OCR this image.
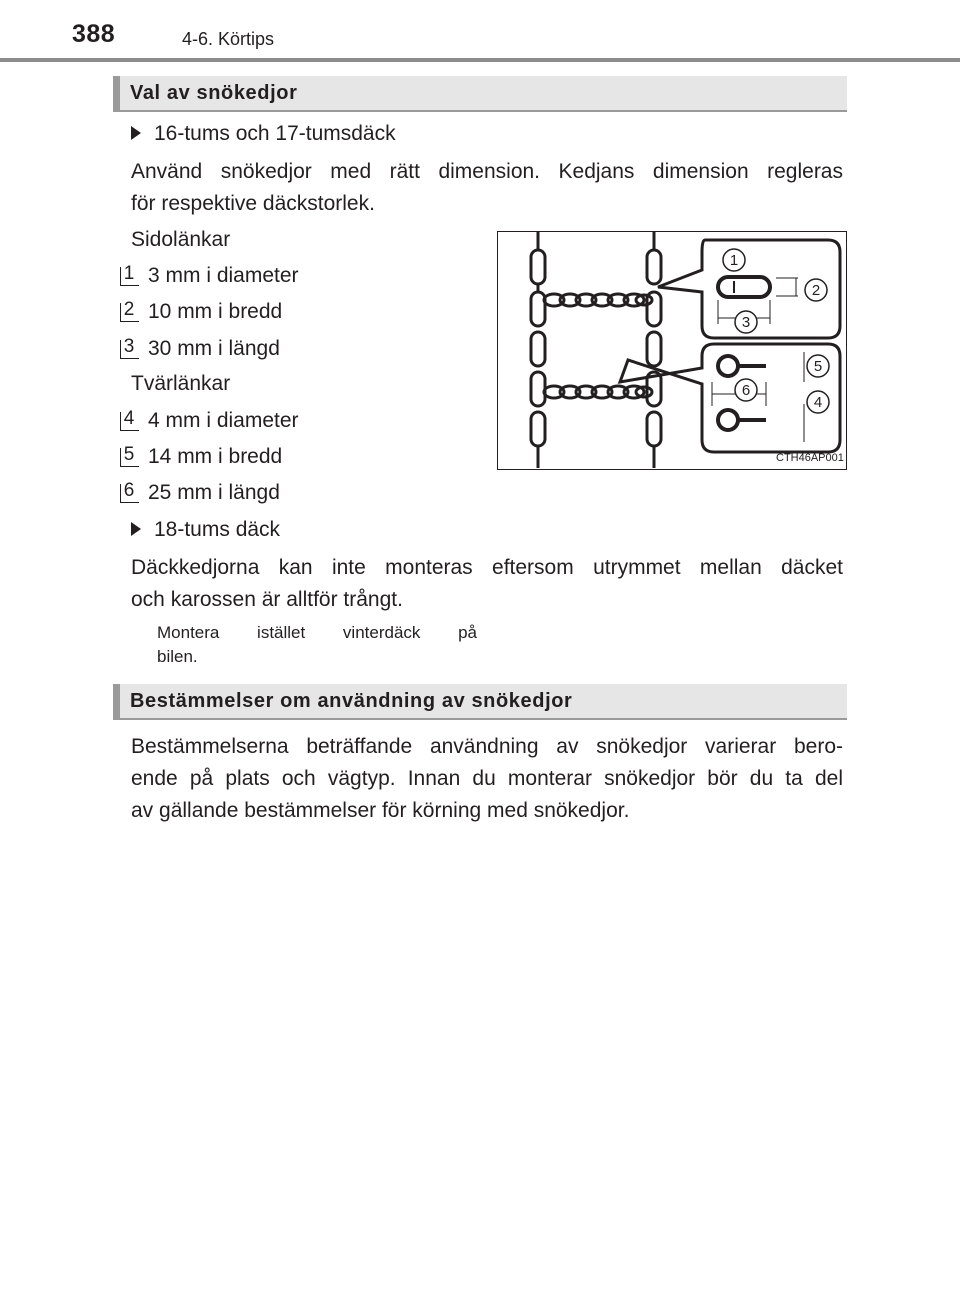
388	4-6. Körtips
Val av snökedjor
16-tums och 17-tumsdäck
Använd snökedjor med rätt dimension. Kedjans dimension regleras
för respektive däckstorlek.
Sidolänkar
1 3 mm i diameter
2 10 mm i bredd
3 30 mm i längd
Tvärlänkar
4 4 mm i diameter
5 14 mm i bredd
6 25 mm i längd
18-tums däck
Däckkedjorna kan inte monteras eftersom utrymmet mellan däcket
och karossen är alltför trångt.
Montera istället vinterdäck på
bilen.
1
2
3
4
5
6
CTH46AP001
Bestämmelser om användning av snökedjor
Bestämmelserna beträffande användning av snökedjor varierar bero-
ende på plats och vägtyp. Innan du monterar snökedjor bör du ta del
av gällande bestämmelser för körning med snökedjor.
